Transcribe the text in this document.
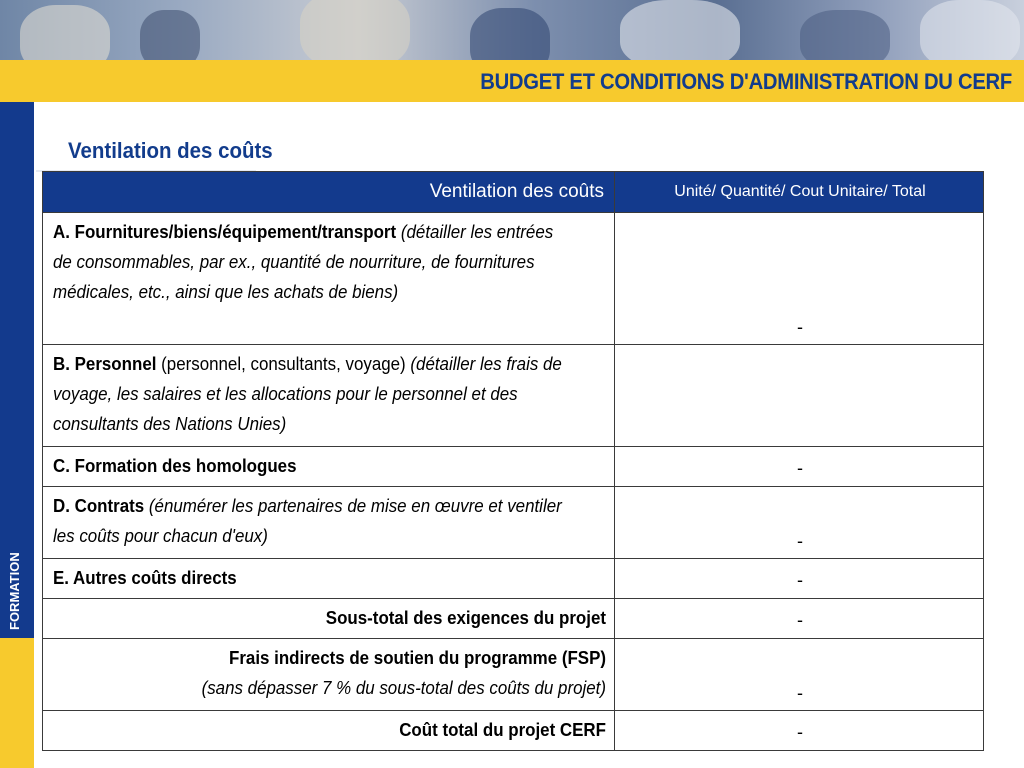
BUDGET ET CONDITIONS D'ADMINISTRATION DU CERF
FORMATION
Ventilation des coûts
Ventilation des coûts	Unité/ Quantité/ Cout Unitaire/ Total

A. Fournitures/biens/équipement/transport (détailler les entrées de consommables, par ex., quantité de nourriture, de fournitures médicales, etc., ainsi que les achats de biens)	-

B. Personnel (personnel, consultants, voyage) (détailler les frais de voyage, les salaires et les allocations pour le personnel et des consultants des Nations Unies)	

C. Formation des homologues	-

D. Contrats (énumérer les partenaires de mise en œuvre et ventiler les coûts pour chacun d'eux)	-

E. Autres coûts directs	-

Sous-total des exigences du projet	-

Frais indirects de soutien du programme (FSP)
(sans dépasser 7 % du sous-total des coûts du projet)	-

Coût total du projet CERF	-
